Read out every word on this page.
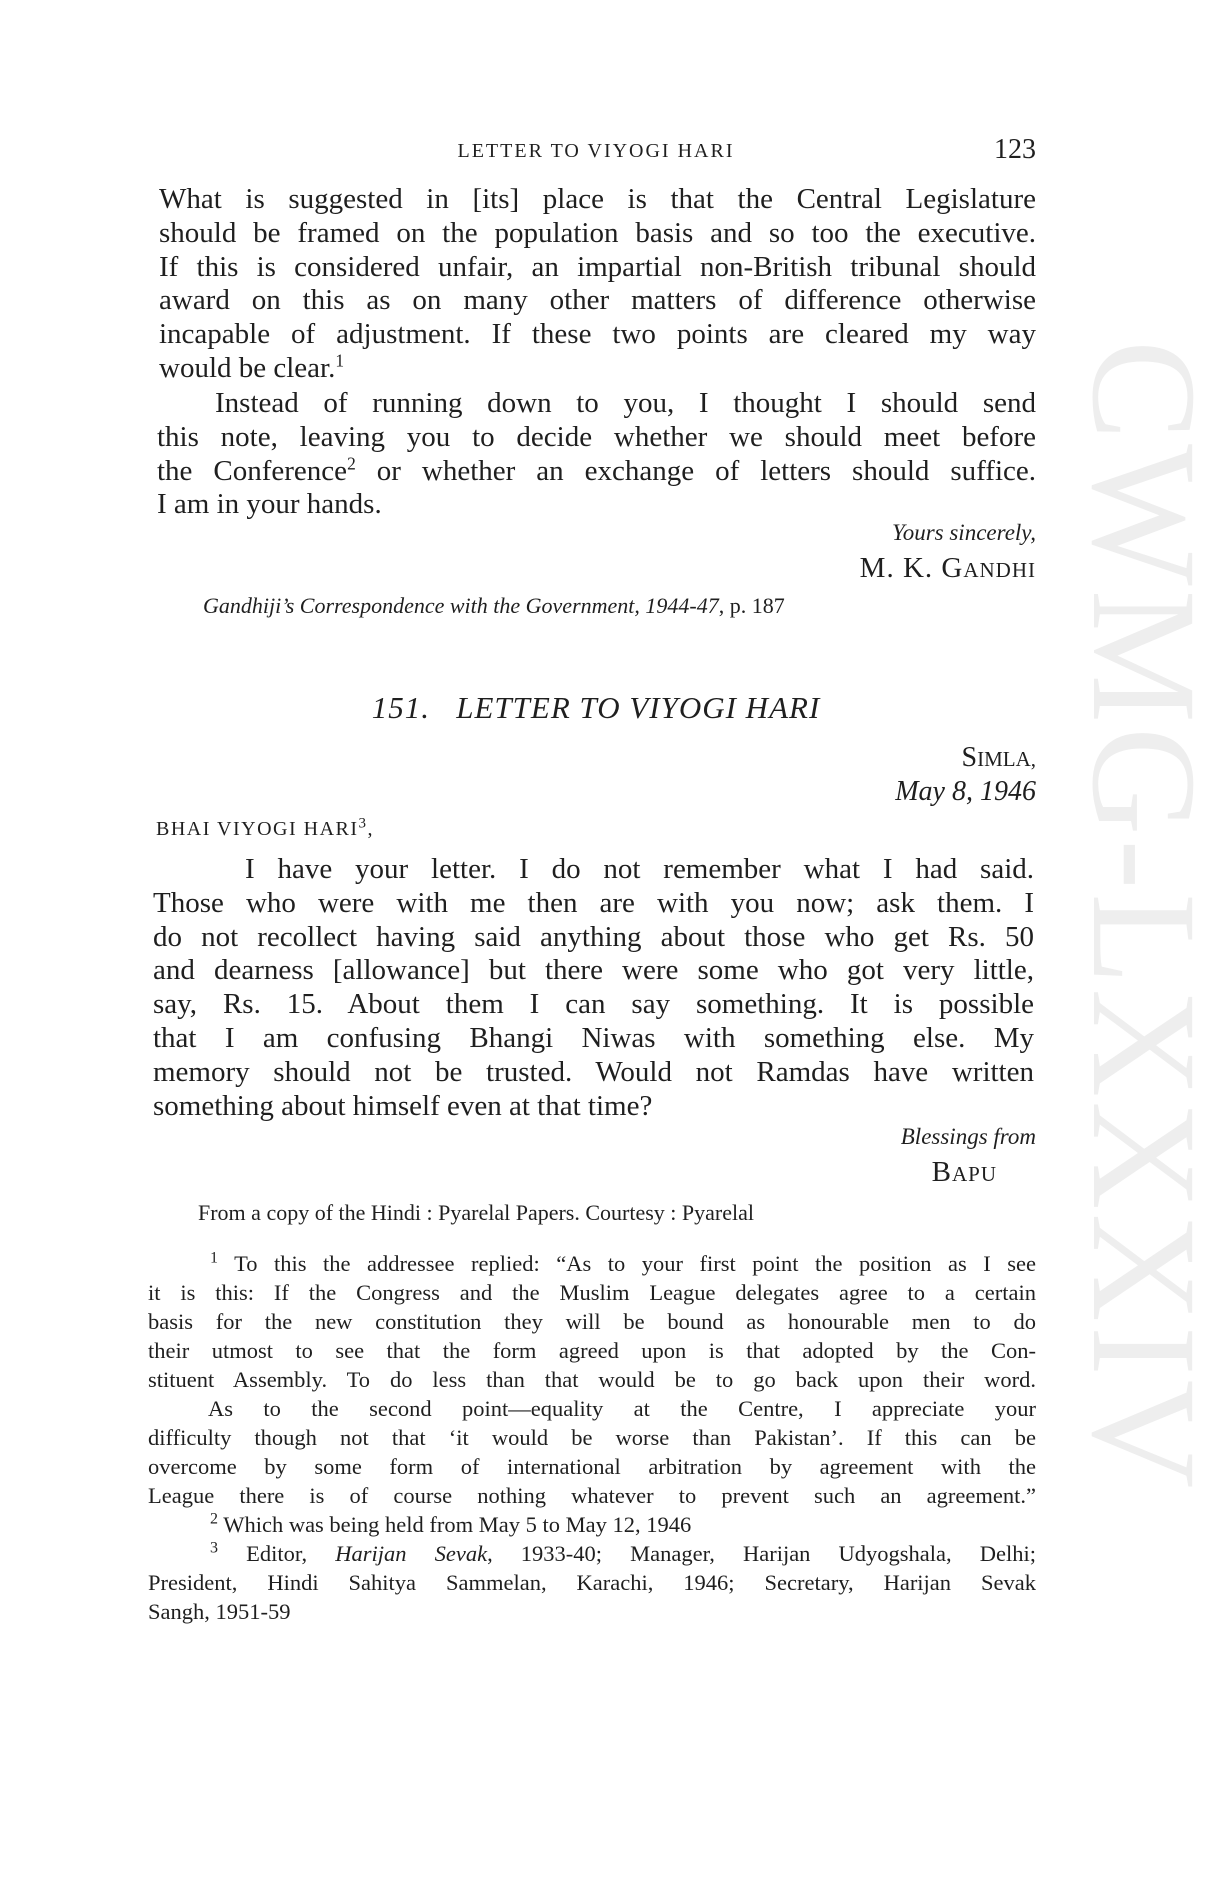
CWMG-LXXXIV
LETTER TO VIYOGI HARI	123
What is suggested in [its] place is that the Central Legislature
should be framed on the population basis and so too the executive.
If this is considered unfair, an impartial non-British tribunal should
award on this as on many other matters of difference otherwise
incapable of adjustment. If these two points are cleared my way
would be clear.$^1$
Instead of running down to you, I thought I should send
this note, leaving you to decide whether we should meet before
the Conference$^2$ or whether an exchange of letters should suffice.
I am in your hands.
Yours sincerely,
M. K. GANDHI
Gandhiji’s Correspondence with the Government, 1944-47, p. 187
151. LETTER TO VIYOGI HARI
SIMLA,
May 8, 1946
BHAI VIYOGI HARI$^3$,
I have your letter. I do not remember what I had said.
Those who were with me then are with you now; ask them. I
do not recollect having said anything about those who get Rs. 50
and dearness [allowance] but there were some who got very little,
say, Rs. 15. About them I can say something. It is possible
that I am confusing Bhangi Niwas with something else. My
memory should not be trusted. Would not Ramdas have written
something about himself even at that time?
Blessings from
BAPU
From a copy of the Hindi : Pyarelal Papers. Courtesy : Pyarelal
$^1$ To this the addressee replied: “As to your first point the position as I see
it is this: If the Congress and the Muslim League delegates agree to a certain
basis for the new constitution they will be bound as honourable men to do
their utmost to see that the form agreed upon is that adopted by the Con-
stituent Assembly. To do less than that would be to go back upon their word.
As to the second point—equality at the Centre, I appreciate your
difficulty though not that ‘it would be worse than Pakistan’. If this can be
overcome by some form of international arbitration by agreement with the
League there is of course nothing whatever to prevent such an agreement.”
$^2$ Which was being held from May 5 to May 12, 1946
$^3$ Editor, Harijan Sevak, 1933-40; Manager, Harijan Udyogshala, Delhi;
President, Hindi Sahitya Sammelan, Karachi, 1946; Secretary, Harijan Sevak
Sangh, 1951-59
